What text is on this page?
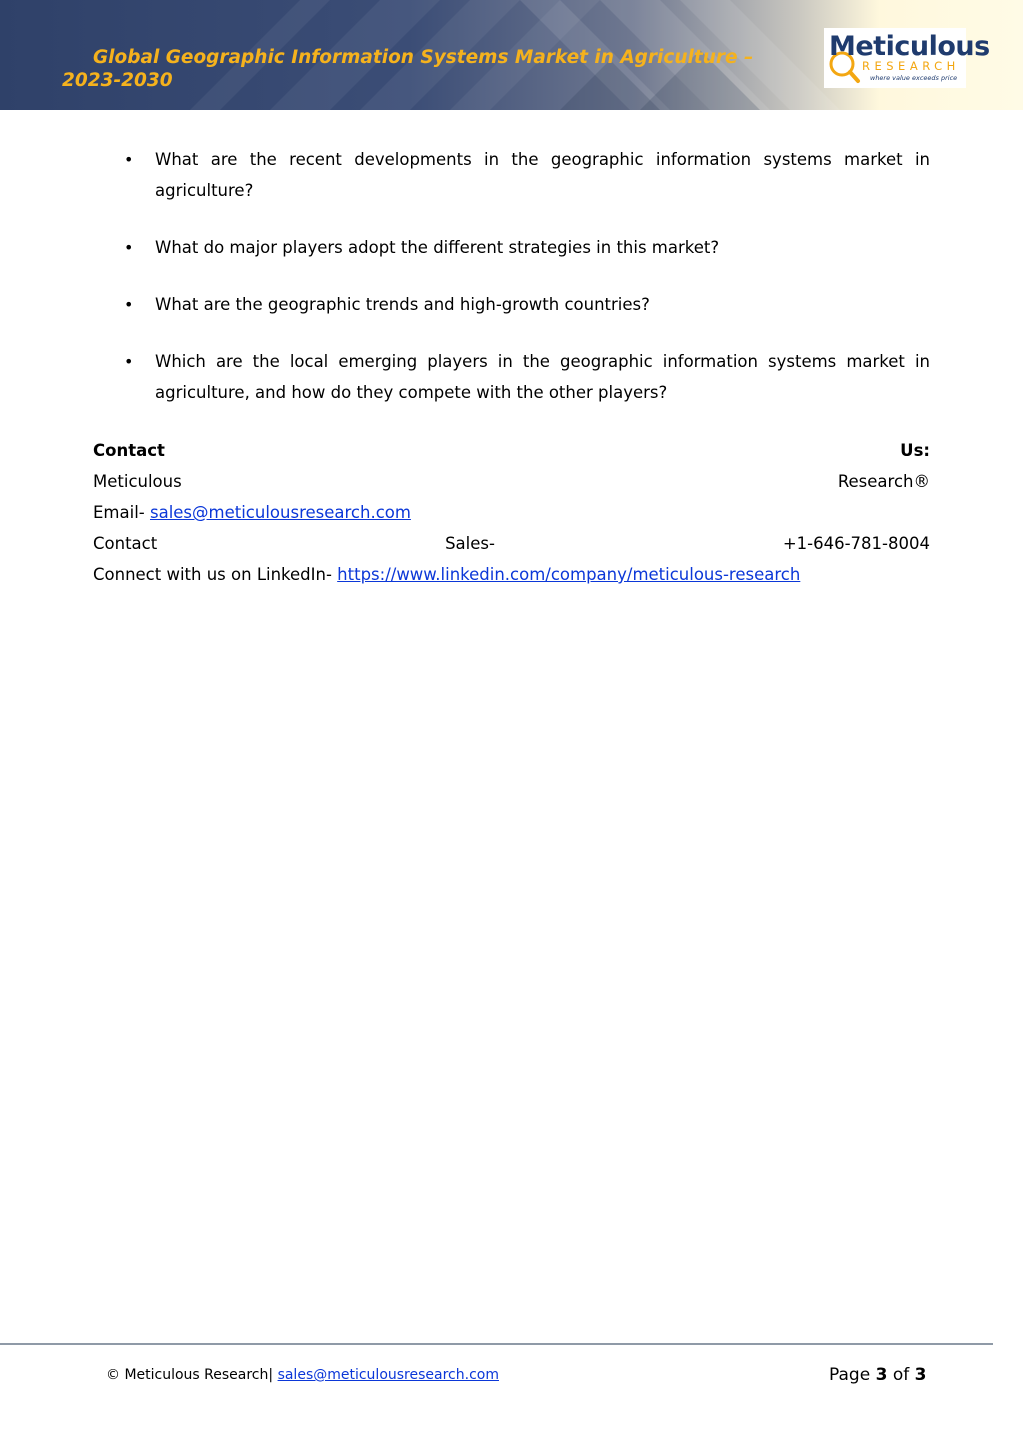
Global Geographic Information Systems Market in Agriculture – 2023-2030
Meticulous
RESEARCH
where value exceeds price
• What are the recent developments in the geographic information systems market in agriculture?
• What do major players adopt the different strategies in this market?
• What are the geographic trends and high-growth countries?
• Which are the local emerging players in the geographic information systems market in agriculture, and how do they compete with the other players?
Contact	Us:
Meticulous	Research®
Email- sales@meticulousresearch.com
Contact	Sales-	+1-646-781-8004
Connect with us on LinkedIn- https://www.linkedin.com/company/meticulous-research
© Meticulous Research| sales@meticulousresearch.com	Page 3 of 3
